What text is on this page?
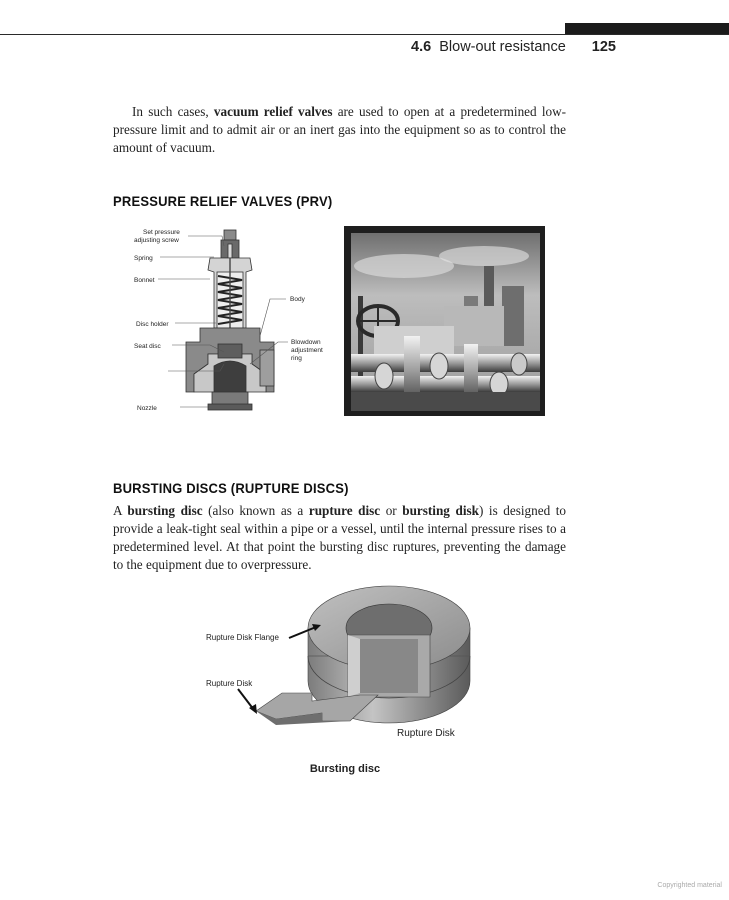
4.6 Blow-out resistance 125
In such cases, vacuum relief valves are used to open at a predetermined low-pressure limit and to admit air or an inert gas into the equipment so as to control the amount of vacuum.
PRESSURE RELIEF VALVES (PRV)
Set pressure
adjusting screw
Spring
Bonnet
Body
Disc holder
Seat disc
Blowdown
adjustment
ring
Nozzle
BURSTING DISCS (RUPTURE DISCS)
A bursting disc (also known as a rupture disc or bursting disk) is designed to provide a leak-tight seal within a pipe or a vessel, until the internal pressure rises to a predetermined level. At that point the bursting disc ruptures, preventing the damage to the equipment due to overpressure.
Rupture Disk Flange
Rupture Disk
Rupture Disk
Bursting disc
Copyrighted material
